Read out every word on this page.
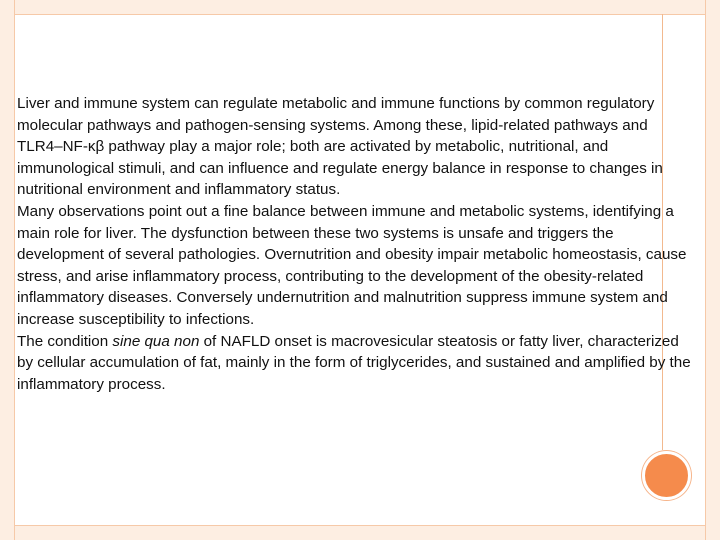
Liver and immune system can regulate metabolic and immune functions by common regulatory molecular pathways and pathogen-sensing systems. Among these, lipid-related pathways and TLR4–NF-κβ pathway play a major role; both are activated by metabolic, nutritional, and immunological stimuli, and can influence and regulate energy balance in response to changes in nutritional environment and inflammatory status.

Many observations point out a fine balance between immune and metabolic systems, identifying a main role for liver. The dysfunction between these two systems is unsafe and triggers the development of several pathologies. Overnutrition and obesity impair metabolic homeostasis, cause stress, and arise inflammatory process, contributing to the development of the obesity-related inflammatory diseases. Conversely undernutrition and malnutrition suppress immune system and increase susceptibility to infections.

The condition sine qua non of NAFLD onset is macrovesicular steatosis or fatty liver, characterized by cellular accumulation of fat, mainly in the form of triglycerides, and sustained and amplified by the inflammatory process.
